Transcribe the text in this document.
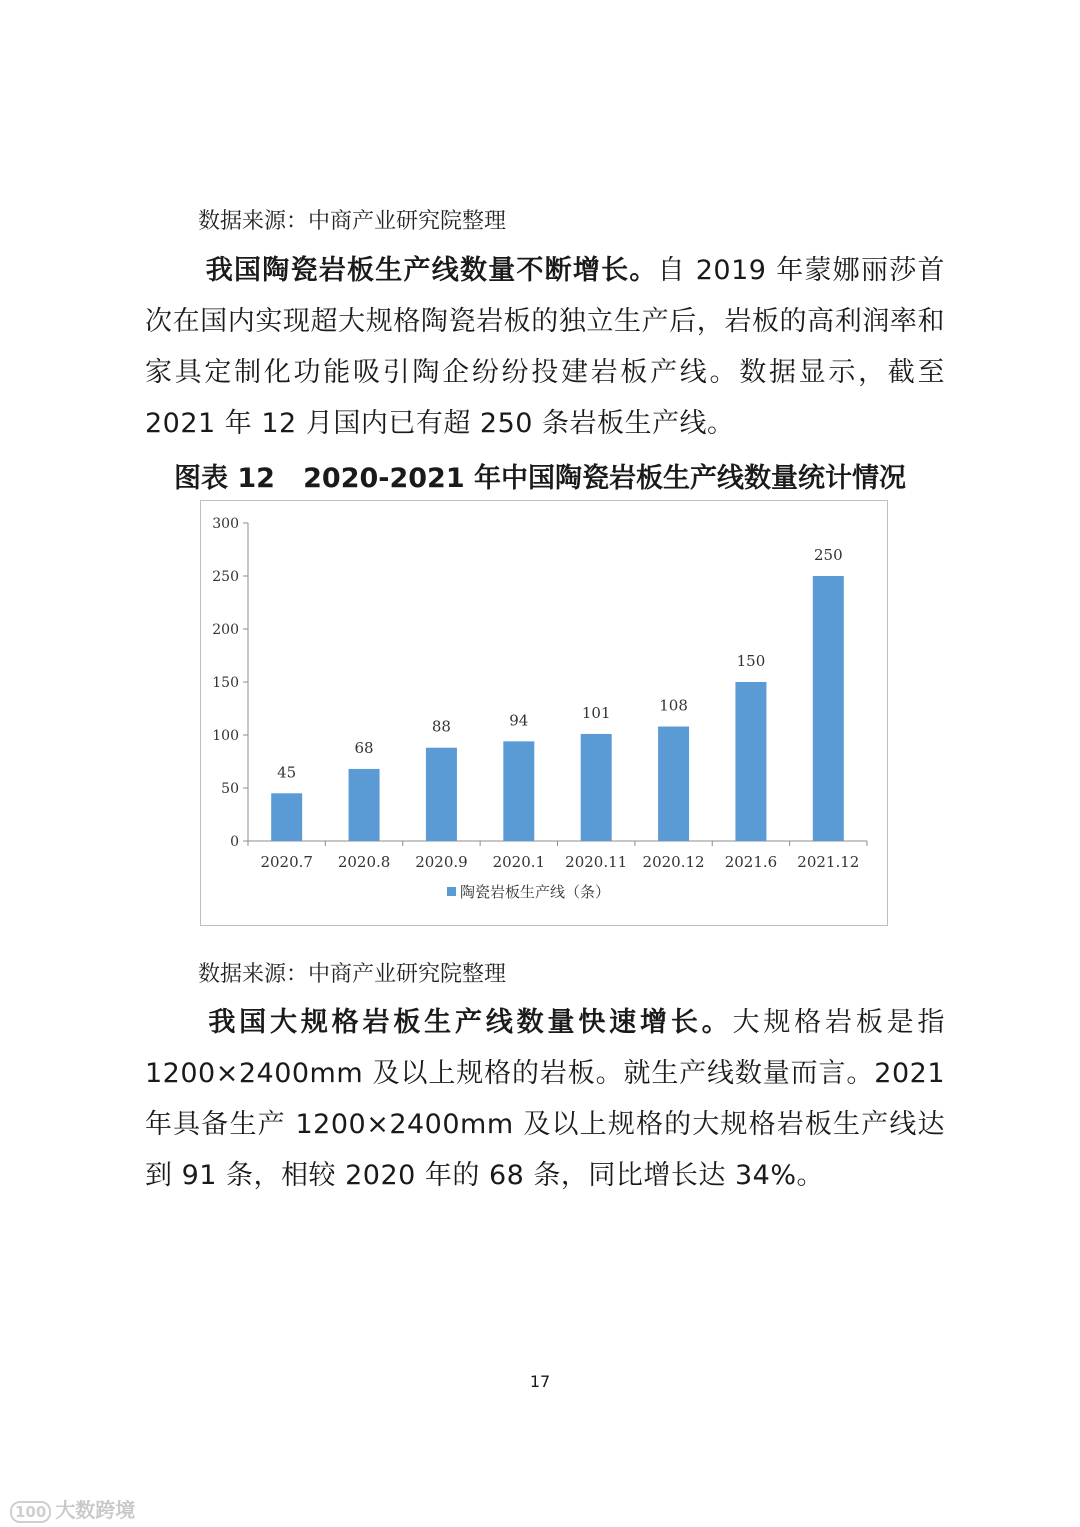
数据来源：中商产业研究院整理
我国陶瓷岩板生产线数量不断增长。自 2019 年蒙娜丽莎首次在国内实现超大规格陶瓷岩板的独立生产后，岩板的高利润率和家具定制化功能吸引陶企纷纷投建岩板产线。数据显示，截至 2021 年 12 月国内已有超 250 条岩板生产线。
图表 12   2020-2021 年中国陶瓷岩板生产线数量统计情况
0
50
100
150
200
250
300
45
2020.7
68
2020.8
88
2020.9
94
2020.1
101
2020.11
108
2020.12
150
2021.6
250
2021.12
陶瓷岩板生产线（条）
数据来源：中商产业研究院整理
我国大规格岩板生产线数量快速增长。大规格岩板是指 1200×2400mm 及以上规格的岩板。就生产线数量而言。2021 年具备生产 1200×2400mm 及以上规格的大规格岩板生产线达到 91 条，相较 2020 年的 68 条，同比增长达 34%。
17
100 大数跨境
